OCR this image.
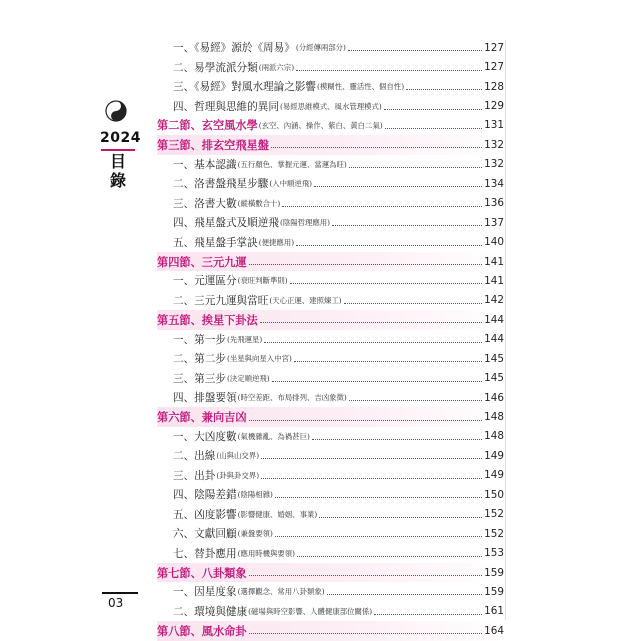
2024
目錄
一、《易經》源於《周易》 (分經傳兩部分)	127
二、易學流派分類 (兩派六宗)	127
三、《易經》對風水理論之影響 (模糊性、靈活性、個自性)	128
四、哲理與思維的異同 (易經思維模式、風水管理模式)	129
第二節、玄空風水學 (玄空、內涵、操作、紫白、黃白二氣)	131
第三節、排玄空飛星盤	132
一、基本認識 (五行顏色、掌握元運、當運為旺)	132
二、洛書盤飛星步驟 (入中順逆飛)	134
三、洛書大數 (縱橫數合十)	136
四、飛星盤式及順逆飛 (陰陽哲理應用)	137
五、飛星盤手掌訣 (便捷應用)	140
第四節、三元九運	141
一、元運區分 (衰旺判斷準則)	141
二、三元九運與當旺 (天心正運、建照煉工)	142
第五節、挨星下卦法	144
一、第一步 (先飛運星)	144
二、第二步 (坐星與向星入中宮)	145
三、第三步 (決定順逆飛)	145
四、排盤要領 (時空差距、布局排列、吉凶象徵)	146
第六節、兼向吉凶	148
一、大凶度數 (氣機雜亂、為禍甚巨)	148
二、出線 (山與山交界)	149
三、出卦 (卦與卦交界)	149
四、陰陽差錯 (陰陽相雜)	150
五、凶度影響 (影響健康、婚姻、事業)	152
六、文獻回顧 (兼盤要領)	152
七、替卦應用 (應用時機與要領)	153
第七節、八卦類象	159
一、因星度象 (選擇觀念、常用八卦類象)	159
二、環境與健康 (磁場與時空影響、人體健康部位關係)	161
第八節、風水命卦	164
03
